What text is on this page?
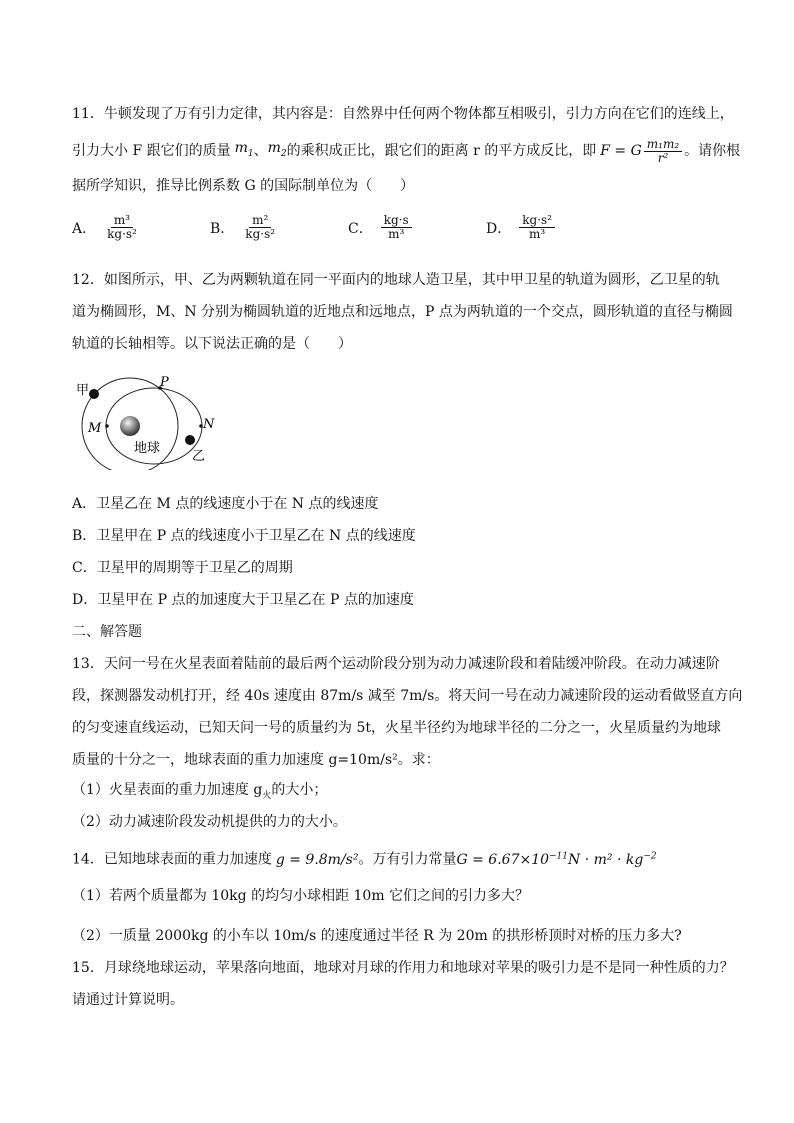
11．牛顿发现了万有引力定律，其内容是：自然界中任何两个物体都互相吸引，引力方向在它们的连线上，
引力大小 F 跟它们的质量 $m_1$ 、 $m_2$ 的乘积成正比，跟它们的距离 r 的平方成反比，即 F = G $\frac{\text{m₁m₂}}{\text{r²}}$ 。请你根
据所学知识，推导比例系数 G 的国际制单位为（　　）
A． $\frac{\text{m³}}{\text{kg·s²}}$	B． $\frac{\text{m²}}{\text{kg·s²}}$	C． $\frac{kg\cdot s}{\text{m³}}$	D． $\frac{\text{kg·s²}}{\text{m³}}$
12．如图所示，甲、乙为两颗轨道在同一平面内的地球人造卫星，其中甲卫星的轨道为圆形，乙卫星的轨
道为椭圆形，M、N 分别为椭圆轨道的近地点和远地点，P 点为两轨道的一个交点，圆形轨道的直径与椭圆
轨道的长轴相等。以下说法正确的是（　　）
甲
P
M	N
地球
乙
A．卫星乙在 M 点的线速度小于在 N 点的线速度
B．卫星甲在 P 点的线速度小于卫星乙在 N 点的线速度
C．卫星甲的周期等于卫星乙的周期
D．卫星甲在 P 点的加速度大于卫星乙在 P 点的加速度
二、解答题
13．天问一号在火星表面着陆前的最后两个运动阶段分别为动力减速阶段和着陆缓冲阶段。在动力减速阶
段，探测器发动机打开，经 40s 速度由 87m/s 减至 7m/s。将天问一号在动力减速阶段的运动看做竖直方向
的匀变速直线运动，已知天问一号的质量约为 5t，火星半径约为地球半径的二分之一，火星质量约为地球
质量的十分之一，地球表面的重力加速度 g=10m/s²。求：
（1）火星表面的重力加速度 $g_火$的大小；
（2）动力减速阶段发动机提供的力的大小。
14．已知地球表面的重力加速度 g = 9.8m/s²。万有引力常量$G = 6.67\times 10^{-11}N \cdot m^2 \cdot kg^{-2}$
（1）若两个质量都为 10kg 的均匀小球相距 10m 它们之间的引力多大？
（2）一质量 2000kg 的小车以 10m/s 的速度通过半径 R 为 20m 的拱形桥顶时对桥的压力多大?
15．月球绕地球运动，苹果落向地面，地球对月球的作用力和地球对苹果的吸引力是不是同一种性质的力？
请通过计算说明。
